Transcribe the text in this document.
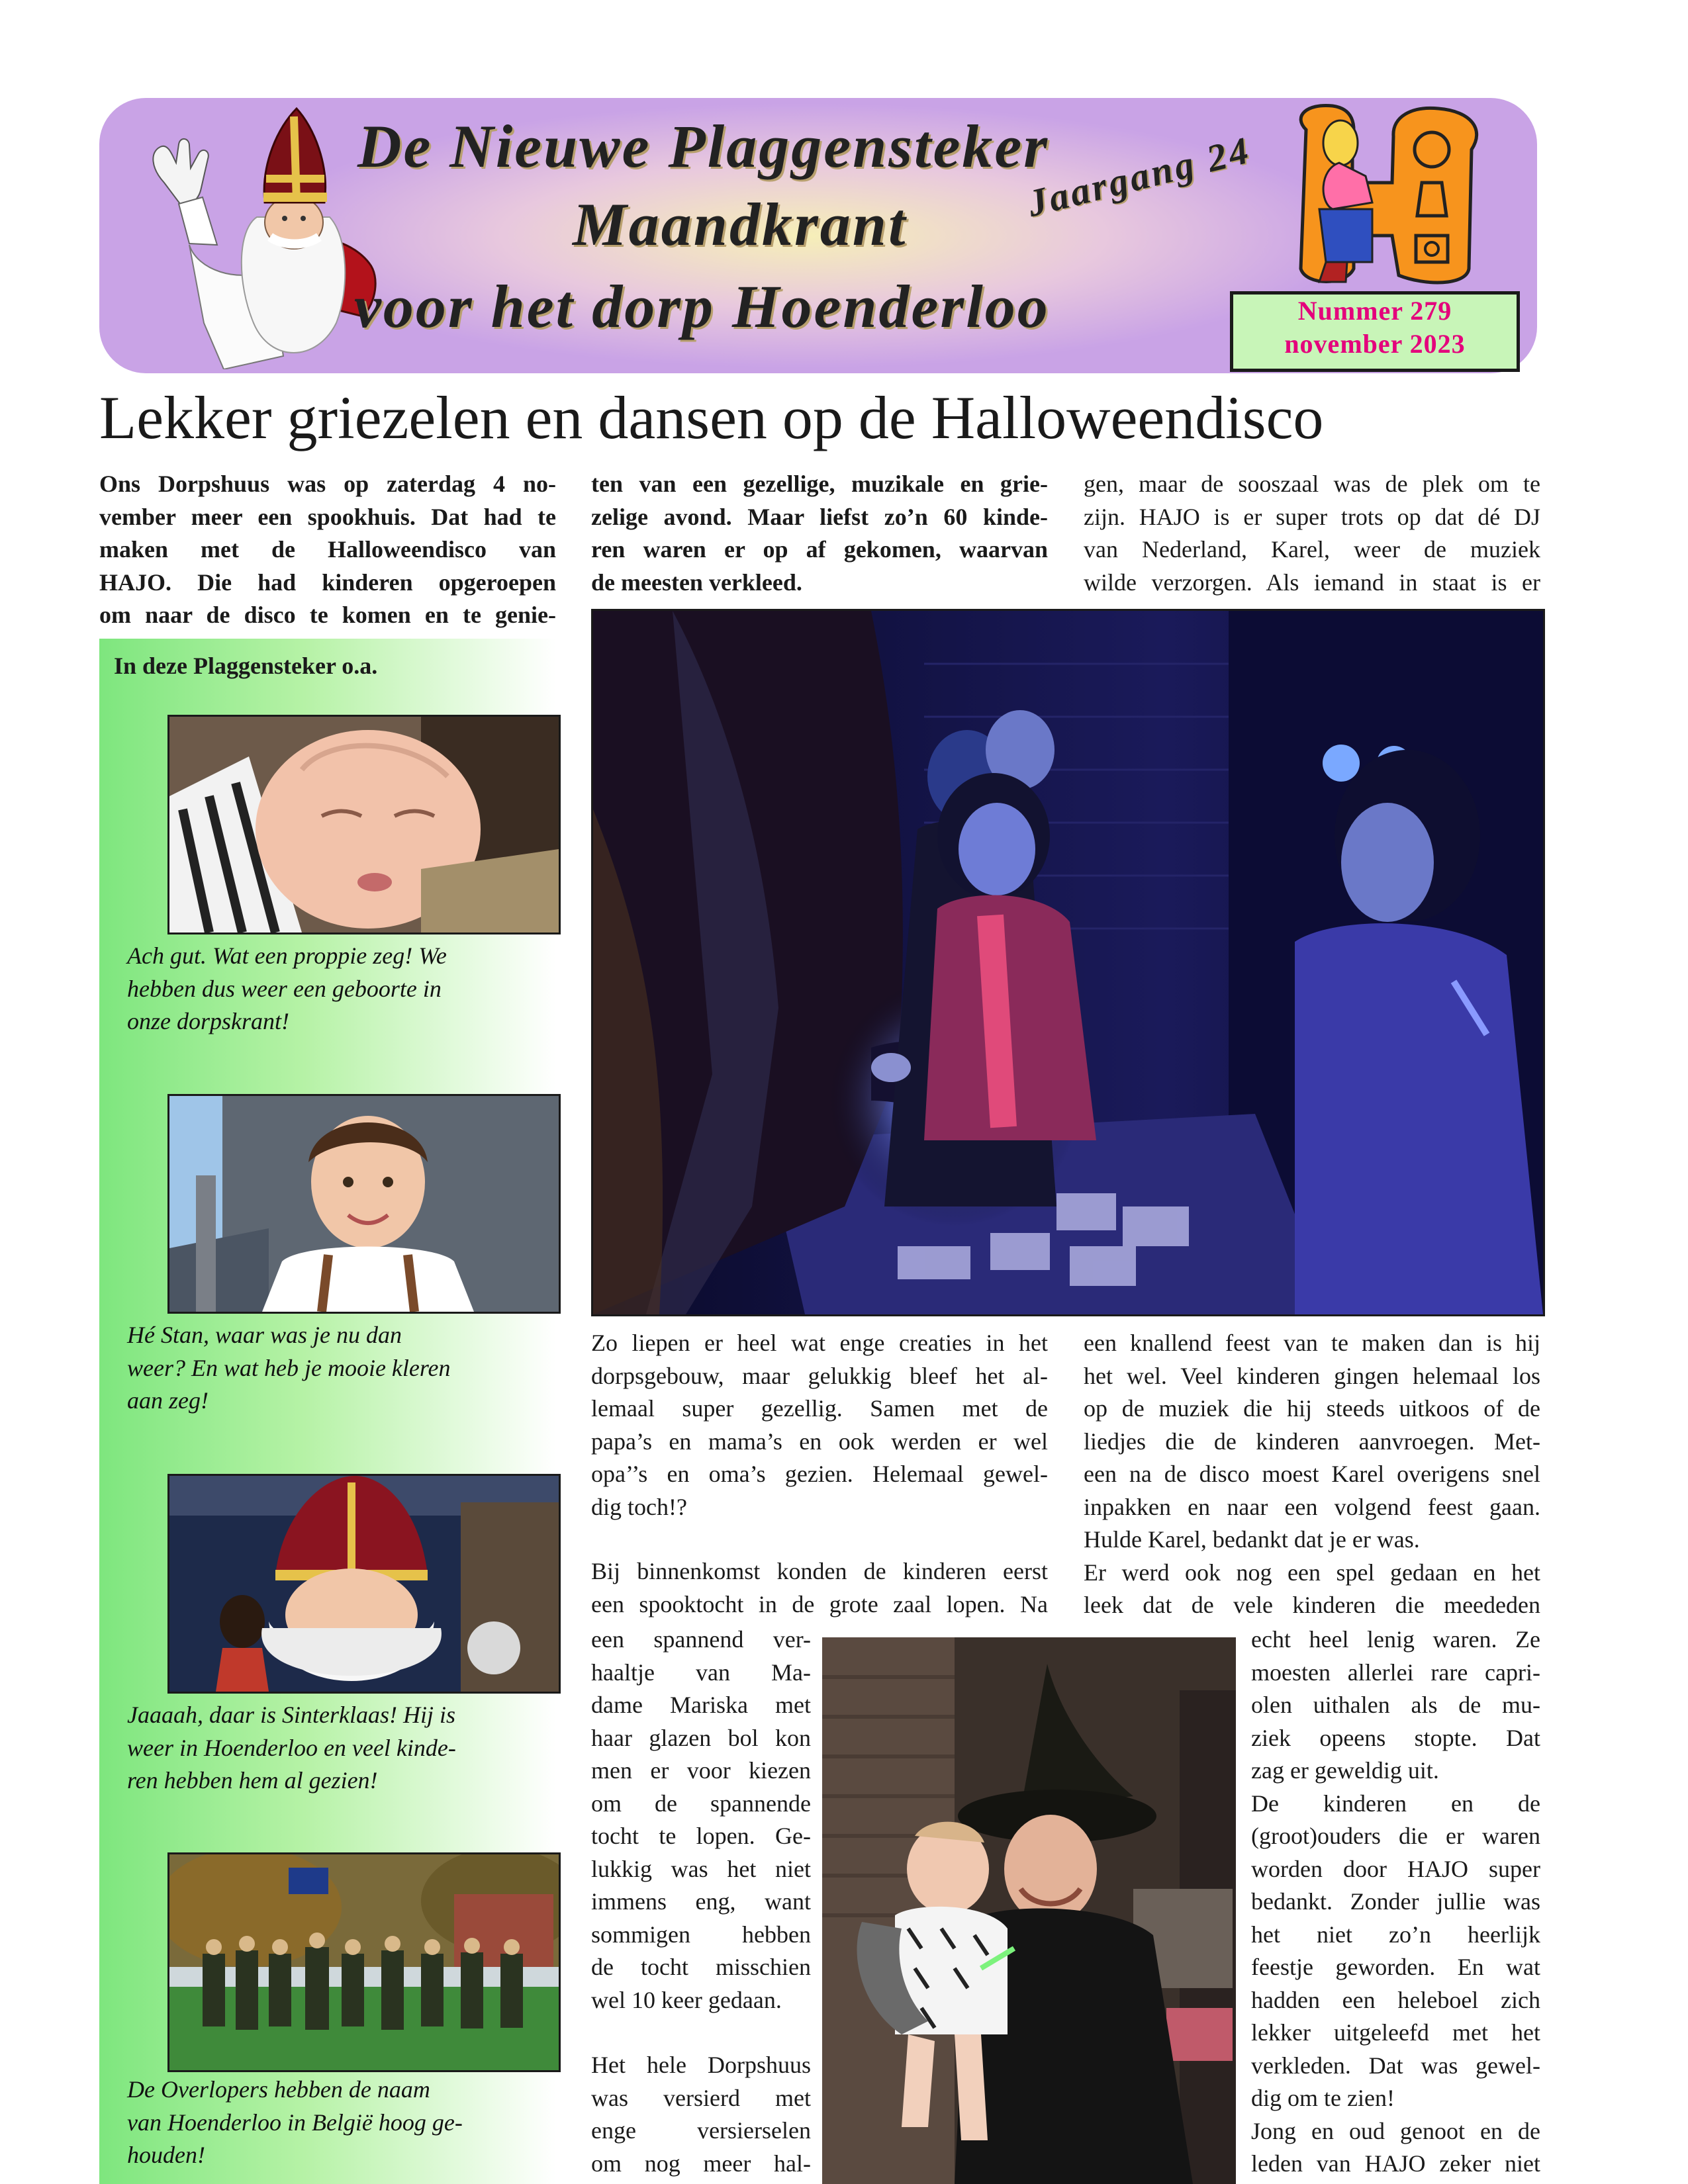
De Nieuwe Plaggensteker
Maandkrant
voor het dorp Hoenderloo
Jaargang 24
Nummer 279
november 2023
Lekker griezelen en dansen op de Halloweendisco

Ons Dorpshuus was op zaterdag 4 no-

vember meer een spookhuis. Dat had te

maken met de Halloweendisco van

HAJO. Die had kinderen opgeroepen

om naar de disco te komen en te genie-

ten van een gezellige, muzikale en grie-

zelige avond. Maar liefst zo’n 60 kinde-

ren waren er op af gekomen, waarvan

de meesten verkleed.

gen, maar de sooszaal was de plek om te

zijn. HAJO is er super trots op dat dé DJ

van Nederland, Karel, weer de muziek

wilde verzorgen. Als iemand in staat is er

In deze Plaggensteker o.a.
Ach gut. Wat een proppie zeg! We
hebben dus weer een geboorte in
onze dorpskrant!
Hé Stan, waar was je nu dan
weer? En wat heb je mooie kleren
aan zeg!
Jaaaah, daar is Sinterklaas! Hij is
weer in Hoenderloo en veel kinde-
ren hebben hem al gezien!
De Overlopers hebben de naam
van Hoenderloo in België hoog ge-
houden!

Zo liepen er heel wat enge creaties in het

dorpsgebouw, maar gelukkig bleef het al-

lemaal super gezellig. Samen met de

papa’s en mama’s en ook werden er wel

opa’’s en oma’s gezien. Helemaal gewel-

dig toch!?

Bij binnenkomst konden de kinderen eerst

een spooktocht in de grote zaal lopen. Na

een spannend ver-

haaltje van Ma-

dame Mariska met

haar glazen bol kon

men er voor kiezen

om de spannende

tocht te lopen. Ge-

lukkig was het niet

immens eng, want

sommigen hebben

de tocht misschien

wel 10 keer gedaan.

Het hele Dorpshuus

was versierd met

enge versierselen

om nog meer hal-

een knallend feest van te maken dan is hij

het wel. Veel kinderen gingen helemaal los

op de muziek die hij steeds uitkoos of de

liedjes die de kinderen aanvroegen. Met-

een na de disco moest Karel overigens snel

inpakken en naar een volgend feest gaan.

Hulde Karel, bedankt dat je er was.

Er werd ook nog een spel gedaan en het

leek dat de vele kinderen die meededen

echt heel lenig waren. Ze

moesten allerlei rare capri-

olen uithalen als de mu-

ziek opeens stopte. Dat

zag er geweldig uit.

De kinderen en de

(groot)ouders die er waren

worden door HAJO super

bedankt. Zonder jullie was

het niet zo’n heerlijk

feestje geworden. En wat

hadden een heleboel zich

lekker uitgeleefd met het

verkleden. Dat was gewel-

dig om te zien!

Jong en oud genoot en de

leden van HAJO zeker niet
